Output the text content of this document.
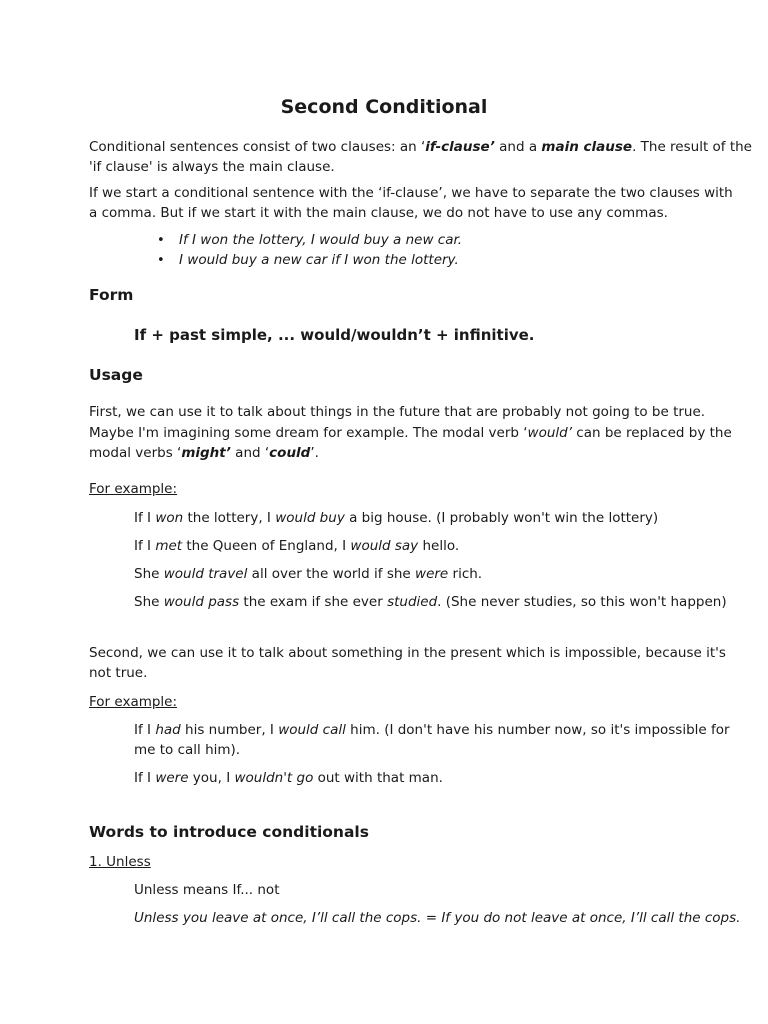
Second Conditional
Conditional sentences consist of two clauses: an ‘if-clause’ and a main clause. The result of the
'if clause' is always the main clause.
If we start a conditional sentence with the ‘if-clause’, we have to separate the two clauses with
a comma. But if we start it with the main clause, we do not have to use any commas.
• If I won the lottery, I would buy a new car.
• I would buy a new car if I won the lottery.
Form
If + past simple, ... would/wouldn’t + infinitive.
Usage
First, we can use it to talk about things in the future that are probably not going to be true.
Maybe I'm imagining some dream for example. The modal verb ‘would’ can be replaced by the
modal verbs ‘might’ and ‘could’.
For example:
If I won the lottery, I would buy a big house. (I probably won't win the lottery)
If I met the Queen of England, I would say hello.
She would travel all over the world if she were rich.
She would pass the exam if she ever studied. (She never studies, so this won't happen)
Second, we can use it to talk about something in the present which is impossible, because it's
not true.
For example:
If I had his number, I would call him. (I don't have his number now, so it's impossible for
me to call him).
If I were you, I wouldn't go out with that man.
Words to introduce conditionals
1. Unless
Unless means If... not
Unless you leave at once, I’ll call the cops. = If you do not leave at once, I’ll call the cops.
